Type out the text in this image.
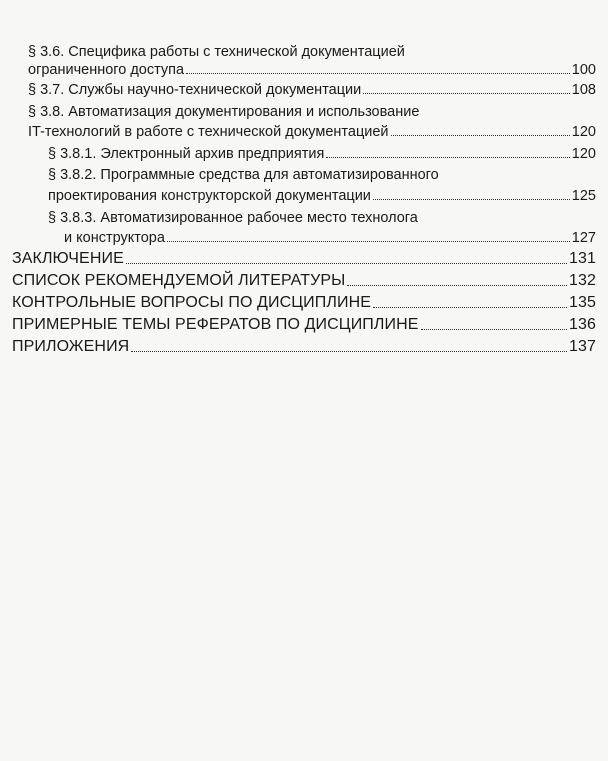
§ 3.6. Специфика работы с технической документацией
ограниченного доступа	100
§ 3.7. Службы научно-технической документации	108
§ 3.8. Автоматизация документирования и использование
IT-технологий в работе с технической документацией	120
§ 3.8.1. Электронный архив предприятия	120
§ 3.8.2. Программные средства для автоматизированного
проектирования конструкторской документации	125
§ 3.8.3. Автоматизированное рабочее место технолога
и конструктора	127
ЗАКЛЮЧЕНИЕ	131
СПИСОК РЕКОМЕНДУЕМОЙ ЛИТЕРАТУРЫ	132
КОНТРОЛЬНЫЕ ВОПРОСЫ ПО ДИСЦИПЛИНЕ	135
ПРИМЕРНЫЕ ТЕМЫ РЕФЕРАТОВ ПО ДИСЦИПЛИНЕ	136
ПРИЛОЖЕНИЯ	137
